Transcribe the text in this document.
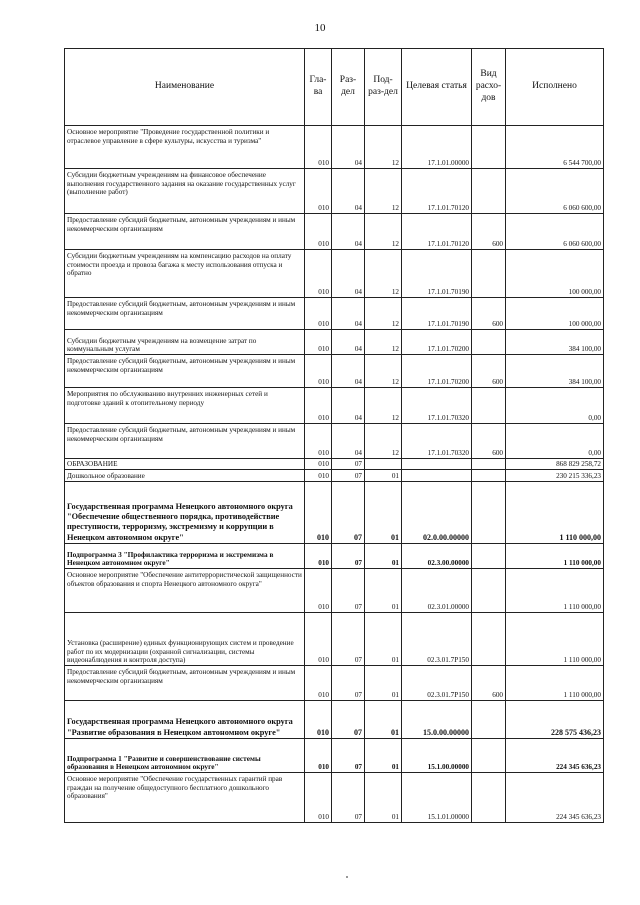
10
Наименование	Гла-ва	Раз-дел	Под-раз-дел	Целевая статья	Вид расхо-дов	Исполнено
Основное мероприятие "Проведение государственной политики и отраслевое управление в сфере культуры, искусства и туризма"	010	04	12	17.1.01.00000		6 544 700,00
Субсидии бюджетным учреждениям на финансовое обеспечение выполнения государственного задания на оказание государственных услуг (выполнение работ)	010	04	12	17.1.01.70120		6 060 600,00
Предоставление субсидий бюджетным, автономным учреждениям и иным некоммерческим организациям	010	04	12	17.1.01.70120	600	6 060 600,00
Субсидии бюджетным учреждениям на компенсацию расходов на оплату стоимости проезда и провоза багажа к месту использования отпуска и обратно	010	04	12	17.1.01.70190		100 000,00
Предоставление субсидий бюджетным, автономным учреждениям и иным некоммерческим организациям	010	04	12	17.1.01.70190	600	100 000,00
Субсидии бюджетным учреждениям на возмещение затрат по коммунальным услугам	010	04	12	17.1.01.70200		384 100,00
Предоставление субсидий бюджетным, автономным учреждениям и иным некоммерческим организациям	010	04	12	17.1.01.70200	600	384 100,00
Мероприятия по обслуживанию внутренних инженерных сетей и подготовке зданий к отопительному периоду	010	04	12	17.1.01.70320		0,00
Предоставление субсидий бюджетным, автономным учреждениям и иным некоммерческим организациям	010	04	12	17.1.01.70320	600	0,00
ОБРАЗОВАНИЕ	010	07				868 829 258,72
Дошкольное образование	010	07	01			230 215 336,23
Государственная программа Ненецкого автономного округа "Обеспечение общественного порядка, противодействие преступности, терроризму, экстремизму и коррупции в Ненецком автономном округе"	010	07	01	02.0.00.00000		1 110 000,00
Подпрограмма 3 "Профилактика терроризма и экстремизма в Ненецком автономном округе"	010	07	01	02.3.00.00000		1 110 000,00
Основное мероприятие "Обеспечение антитеррористической защищенности объектов образования и спорта Ненецкого автономного округа"	010	07	01	02.3.01.00000		1 110 000,00
Установка (расширение) единых функционирующих систем и проведение работ по их модернизации (охранной сигнализации, системы видеонаблюдения и контроля доступа)	010	07	01	02.3.01.7Р150		1 110 000,00
Предоставление субсидий бюджетным, автономным учреждениям и иным некоммерческим организациям	010	07	01	02.3.01.7Р150	600	1 110 000,00
Государственная программа Ненецкого автономного округа "Развитие образования в Ненецком автономном округе"	010	07	01	15.0.00.00000		228 575 436,23
Подпрограмма 1 "Развитие и совершенствование системы образования в Ненецком автономном округе"	010	07	01	15.1.00.00000		224 345 636,23
Основное мероприятие "Обеспечение государственных гарантий прав граждан на получение общедоступного бесплатного дошкольного образования"	010	07	01	15.1.01.00000		224 345 636,23
